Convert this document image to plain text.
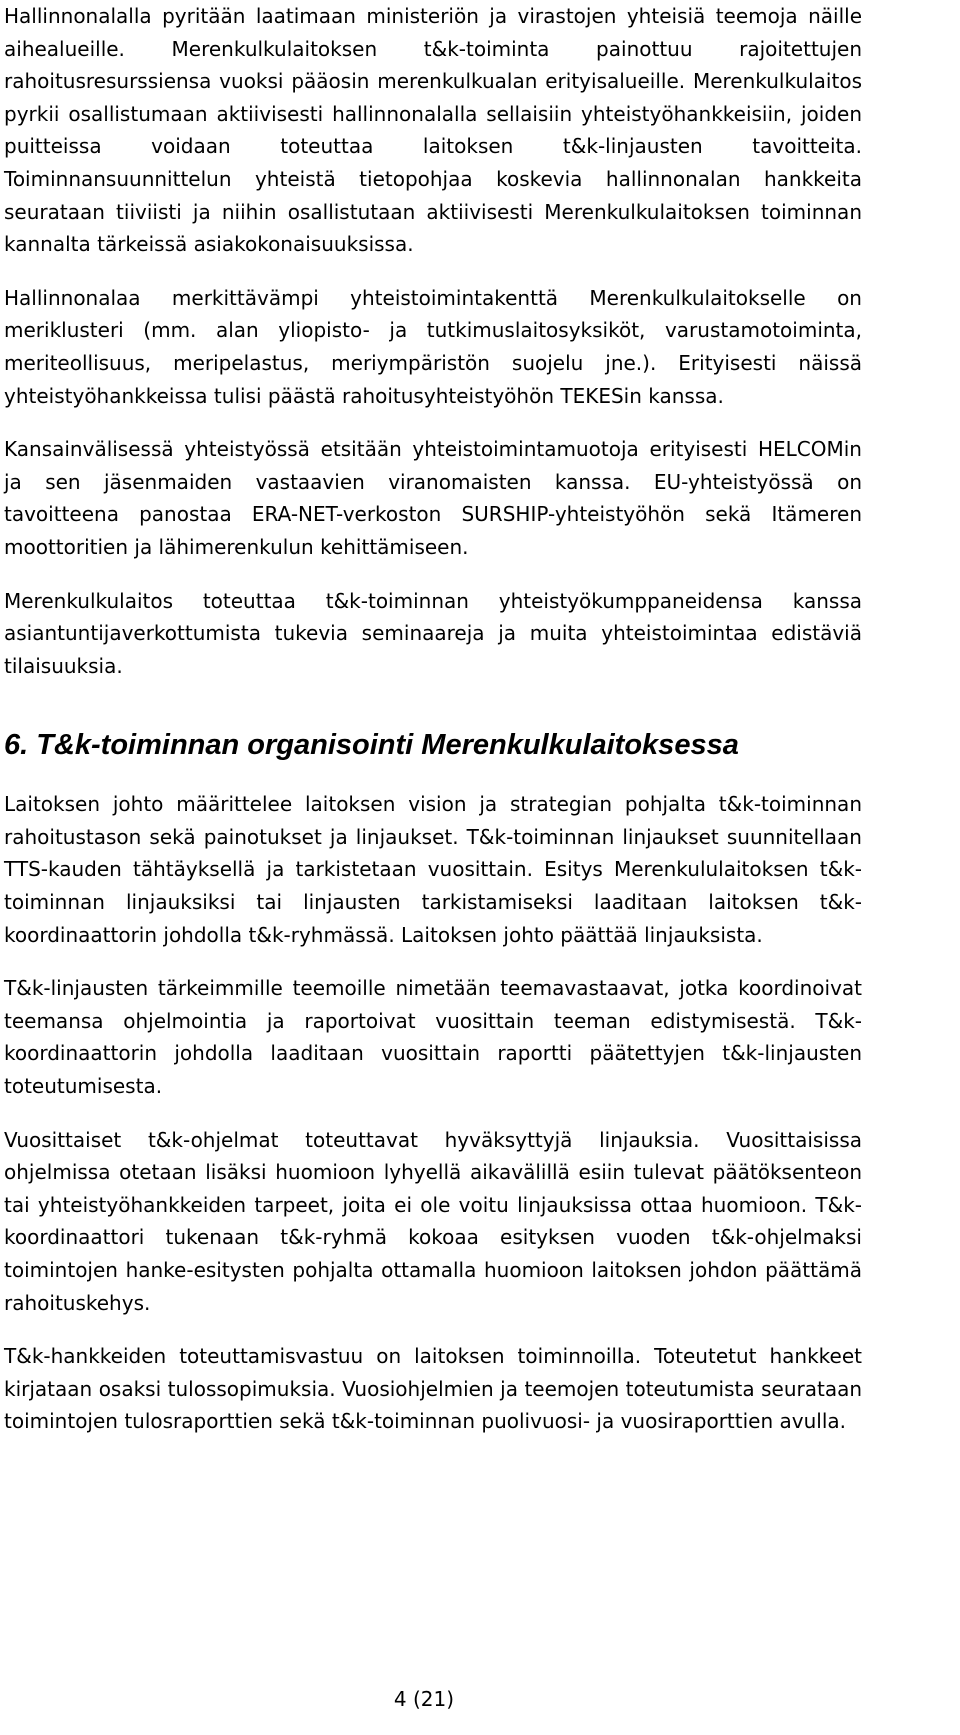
Hallinnonalalla pyritään laatimaan ministeriön ja virastojen yhteisiä teemoja näille aihealueille. Merenkulkulaitoksen t&k-toiminta painottuu rajoitettujen rahoitusresurssiensa vuoksi pääosin merenkulkualan erityisalueille. Merenkulkulaitos pyrkii osallistumaan aktiivisesti hallinnonalalla sellaisiin yhteistyöhankkeisiin, joiden puitteissa voidaan toteuttaa laitoksen t&k-linjausten tavoitteita. Toiminnansuunnittelun yhteistä tietopohjaa koskevia hallinnonalan hankkeita seurataan tiiviisti ja niihin osallistutaan aktiivisesti Merenkulkulaitoksen toiminnan kannalta tärkeissä asiakokonaisuuksissa.

Hallinnonalaa merkittävämpi yhteistoimintakenttä Merenkulkulaitokselle on meriklusteri (mm. alan yliopisto- ja tutkimuslaitosyksiköt, varustamotoiminta, meriteollisuus, meripelastus, meriympäristön suojelu jne.). Erityisesti näissä yhteistyöhankkeissa tulisi päästä rahoitusyhteistyöhön TEKESin kanssa.

Kansainvälisessä yhteistyössä etsitään yhteistoimintamuotoja erityisesti HELCOMin ja sen jäsenmaiden vastaavien viranomaisten kanssa. EU-yhteistyössä on tavoitteena panostaa ERA-NET-verkoston SURSHIP-yhteistyöhön sekä Itämeren moottoritien ja lähimerenkulun kehittämiseen.

Merenkulkulaitos toteuttaa t&k-toiminnan yhteistyökumppaneidensa kanssa asiantuntijaverkottumista tukevia seminaareja ja muita yhteistoimintaa edistäviä tilaisuuksia.

6. T&k-toiminnan organisointi Merenkulkulaitoksessa

Laitoksen johto määrittelee laitoksen vision ja strategian pohjalta t&k-toiminnan rahoitustason sekä painotukset ja linjaukset. T&k-toiminnan linjaukset suunnitellaan TTS-kauden tähtäyksellä ja tarkistetaan vuosittain. Esitys Merenkululaitoksen t&k-toiminnan linjauksiksi tai linjausten tarkistamiseksi laaditaan laitoksen t&k-koordinaattorin johdolla t&k-ryhmässä. Laitoksen johto päättää linjauksista.

T&k-linjausten tärkeimmille teemoille nimetään teemavastaavat, jotka koordinoivat teemansa ohjelmointia ja raportoivat vuosittain teeman edistymisestä. T&k-koordinaattorin johdolla laaditaan vuosittain raportti päätettyjen t&k-linjausten toteutumisesta.

Vuosittaiset t&k-ohjelmat toteuttavat hyväksyttyjä linjauksia. Vuosittaisissa ohjelmissa otetaan lisäksi huomioon lyhyellä aikavälillä esiin tulevat päätöksenteon tai yhteistyöhankkeiden tarpeet, joita ei ole voitu linjauksissa ottaa huomioon. T&k-koordinaattori tukenaan t&k-ryhmä kokoaa esityksen vuoden t&k-ohjelmaksi toimintojen hanke-esitysten pohjalta ottamalla huomioon laitoksen johdon päättämä rahoituskehys.

T&k-hankkeiden toteuttamisvastuu on laitoksen toiminnoilla. Toteutetut hankkeet kirjataan osaksi tulossopimuksia. Vuosiohjelmien ja teemojen toteutumista seurataan toimintojen tulosraporttien sekä t&k-toiminnan puolivuosi- ja vuosiraporttien avulla.

4 (21)
